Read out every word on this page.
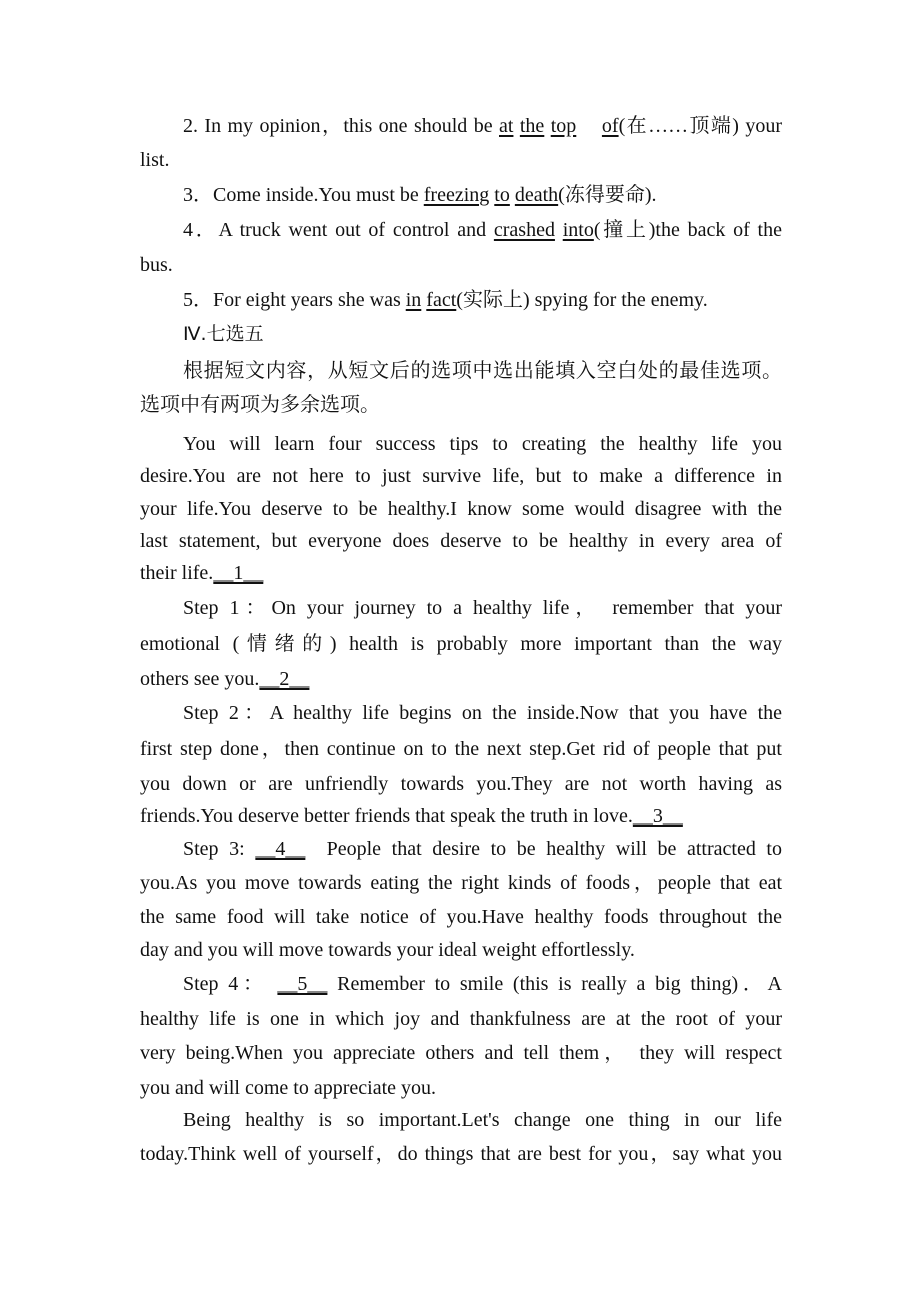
2. In my opinion，this one should be at the top of(在……顶端) your
list.
3．Come inside.You must be freezing to death(冻得要命).
4．A truck went out of control and crashed into(撞上)the back of the
bus.
5．For eight years she was in fact(实际上) spying for the enemy.
Ⅳ.七选五
根据短文内容，从短文后的选项中选出能填入空白处的最佳选项。
选项中有两项为多余选项。
You will learn four success tips to creating the healthy life you
desire.You are not here to just survive life, but to make a difference in
your life.You deserve to be healthy.I know some would disagree with the
last statement, but everyone does deserve to be healthy in every area of
their life.__1__
Step 1：On your journey to a healthy life， remember that your
emotional (情绪的) health is probably more important than the way
others see you.__2__
Step 2：A healthy life begins on the inside.Now that you have the
first step done，then continue on to the next step.Get rid of people that put
you down or are unfriendly towards you.They are not worth having as
friends.You deserve better friends that speak the truth in love.__3__
Step 3: __4__  People that desire to be healthy will be attracted to
you.As you move towards eating the right kinds of foods，people that eat
the same food will take notice of you.Have healthy foods throughout the
day and you will move towards your ideal weight effortlessly.
Step 4： __5__ Remember to smile (this is really a big thing)．A
healthy life is one in which joy and thankfulness are at the root of your
very being.When you appreciate others and tell them， they will respect
you and will come to appreciate you.
Being healthy is so important.Let's change one thing in our life
today.Think well of yourself，do things that are best for you，say what you
